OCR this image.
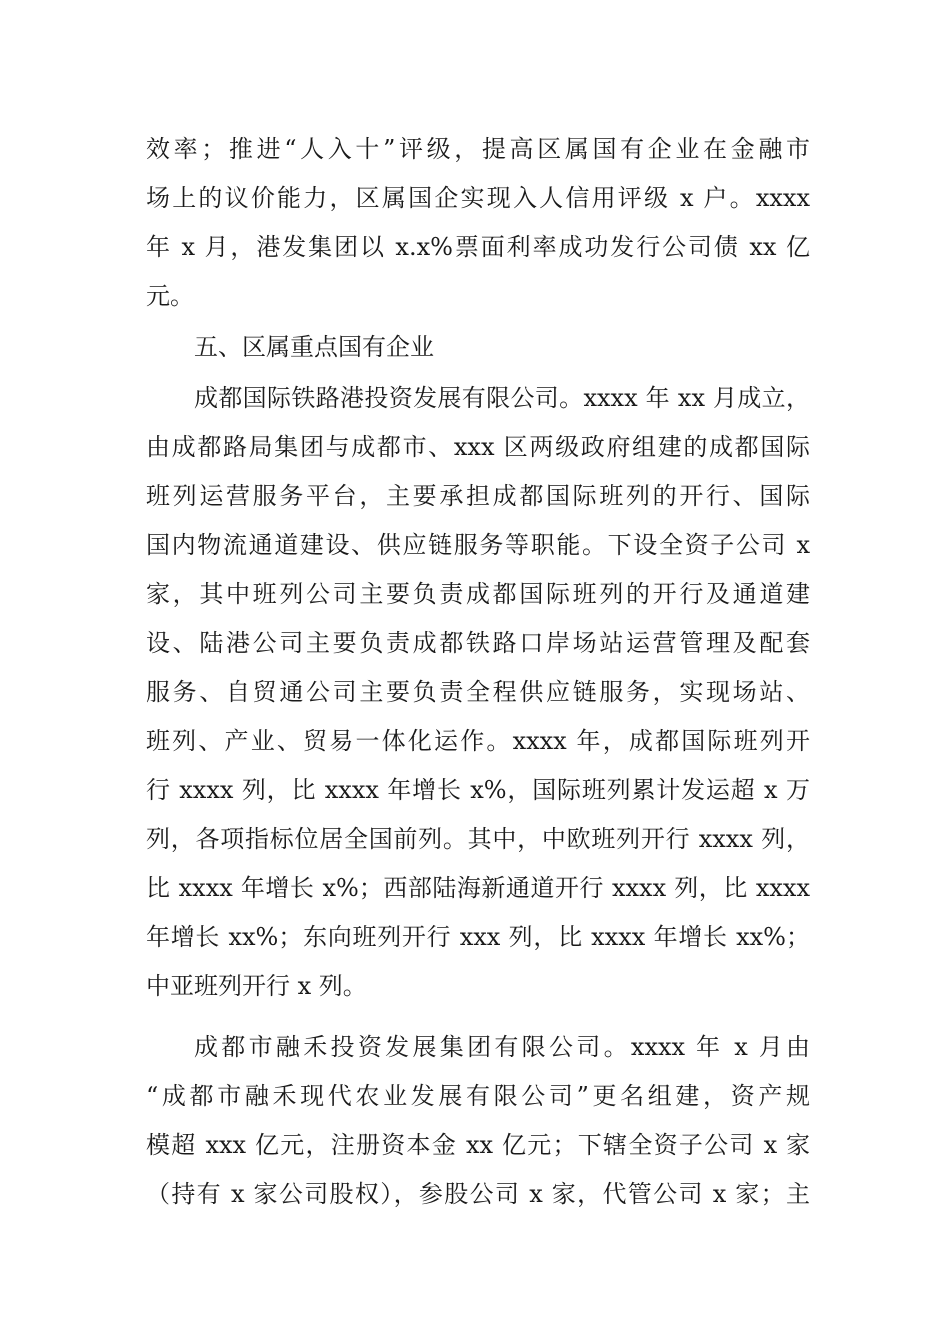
效率；推进“人入十”评级，提高区属国有企业在金融市
场上的议价能力，区属国企实现入人信用评级 x 户。xxxx
年 x 月，港发集团以 x.x%票面利率成功发行公司债 xx 亿
元。
五、区属重点国有企业
成都国际铁路港投资发展有限公司。xxxx 年 xx 月成立，
由成都路局集团与成都市、xxx 区两级政府组建的成都国际
班列运营服务平台，主要承担成都国际班列的开行、国际
国内物流通道建设、供应链服务等职能。下设全资子公司 x
家，其中班列公司主要负责成都国际班列的开行及通道建
设、陆港公司主要负责成都铁路口岸场站运营管理及配套
服务、自贸通公司主要负责全程供应链服务，实现场站、
班列、产业、贸易一体化运作。xxxx 年，成都国际班列开
行 xxxx 列，比 xxxx 年增长 x%，国际班列累计发运超 x 万
列，各项指标位居全国前列。其中，中欧班列开行 xxxx 列，
比 xxxx 年增长 x%；西部陆海新通道开行 xxxx 列，比 xxxx
年增长 xx%；东向班列开行 xxx 列，比 xxxx 年增长 xx%；
中亚班列开行 x 列。
成都市融禾投资发展集团有限公司。xxxx 年 x 月由
“成都市融禾现代农业发展有限公司”更名组建，资产规
模超 xxx 亿元，注册资本金 xx 亿元；下辖全资子公司 x 家
（持有 x 家公司股权），参股公司 x 家，代管公司 x 家；主
